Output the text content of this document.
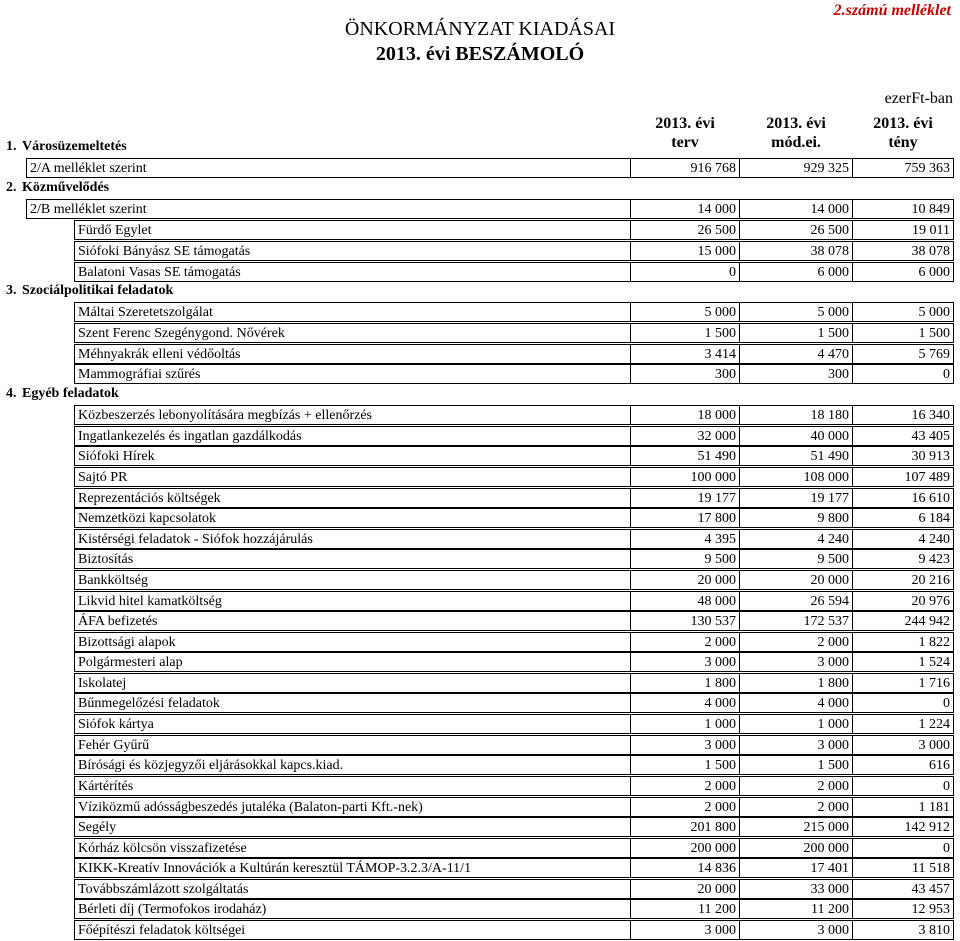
ÖNKORMÁNYZAT KIADÁSAI
2013. évi BESZÁMOLÓ
2.számú melléklet
ezerFt-ban
2013. évi
terv
2013. évi
mód.ei.
2013. évi
tény
1. Városüzemeltetés
2. Közművelődés
3. Szociálpolitikai feladatok
4. Egyéb feladatok
2/A melléklet szerint	916 768	929 325	759 363
2/B melléklet szerint	14 000	14 000	10 849
Fürdő Egylet	26 500	26 500	19 011
Siófoki Bányász SE támogatás	15 000	38 078	38 078
Balatoni Vasas SE támogatás	0	6 000	6 000
Máltai Szeretetszolgálat	5 000	5 000	5 000
Szent Ferenc Szegénygond. Nővérek	1 500	1 500	1 500
Méhnyakrák elleni védőoltás	3 414	4 470	5 769
Mammográfiai szűrés	300	300	0
Közbeszerzés lebonyolítására megbízás + ellenőrzés	18 000	18 180	16 340
Ingatlankezelés és ingatlan gazdálkodás	32 000	40 000	43 405
Siófoki Hírek	51 490	51 490	30 913
Sajtó PR	100 000	108 000	107 489
Reprezentációs költségek	19 177	19 177	16 610
Nemzetközi kapcsolatok	17 800	9 800	6 184
Kistérségi feladatok - Siófok hozzájárulás	4 395	4 240	4 240
Biztosítás	9 500	9 500	9 423
Bankköltség	20 000	20 000	20 216
Likvid hitel kamatköltség	48 000	26 594	20 976
ÁFA befizetés	130 537	172 537	244 942
Bizottsági alapok	2 000	2 000	1 822
Polgármesteri alap	3 000	3 000	1 524
Iskolatej	1 800	1 800	1 716
Bűnmegelőzési feladatok	4 000	4 000	0
Siófok kártya	1 000	1 000	1 224
Fehér Gyűrű	3 000	3 000	3 000
Bírósági és közjegyzői eljárásokkal kapcs.kiad.	1 500	1 500	616
Kártérítés	2 000	2 000	0
Víziközmű adósságbeszedés jutaléka (Balaton-parti Kft.-nek)	2 000	2 000	1 181
Segély	201 800	215 000	142 912
Kórház kölcsön visszafizetése	200 000	200 000	0
KIKK-Kreatív Innovációk a Kultúrán keresztül TÁMOP-3.2.3/A-11/1	14 836	17 401	11 518
Továbbszámlázott szolgáltatás	20 000	33 000	43 457
Bérleti díj (Termofokos irodaház)	11 200	11 200	12 953
Főépítészi feladatok költségei	3 000	3 000	3 810
